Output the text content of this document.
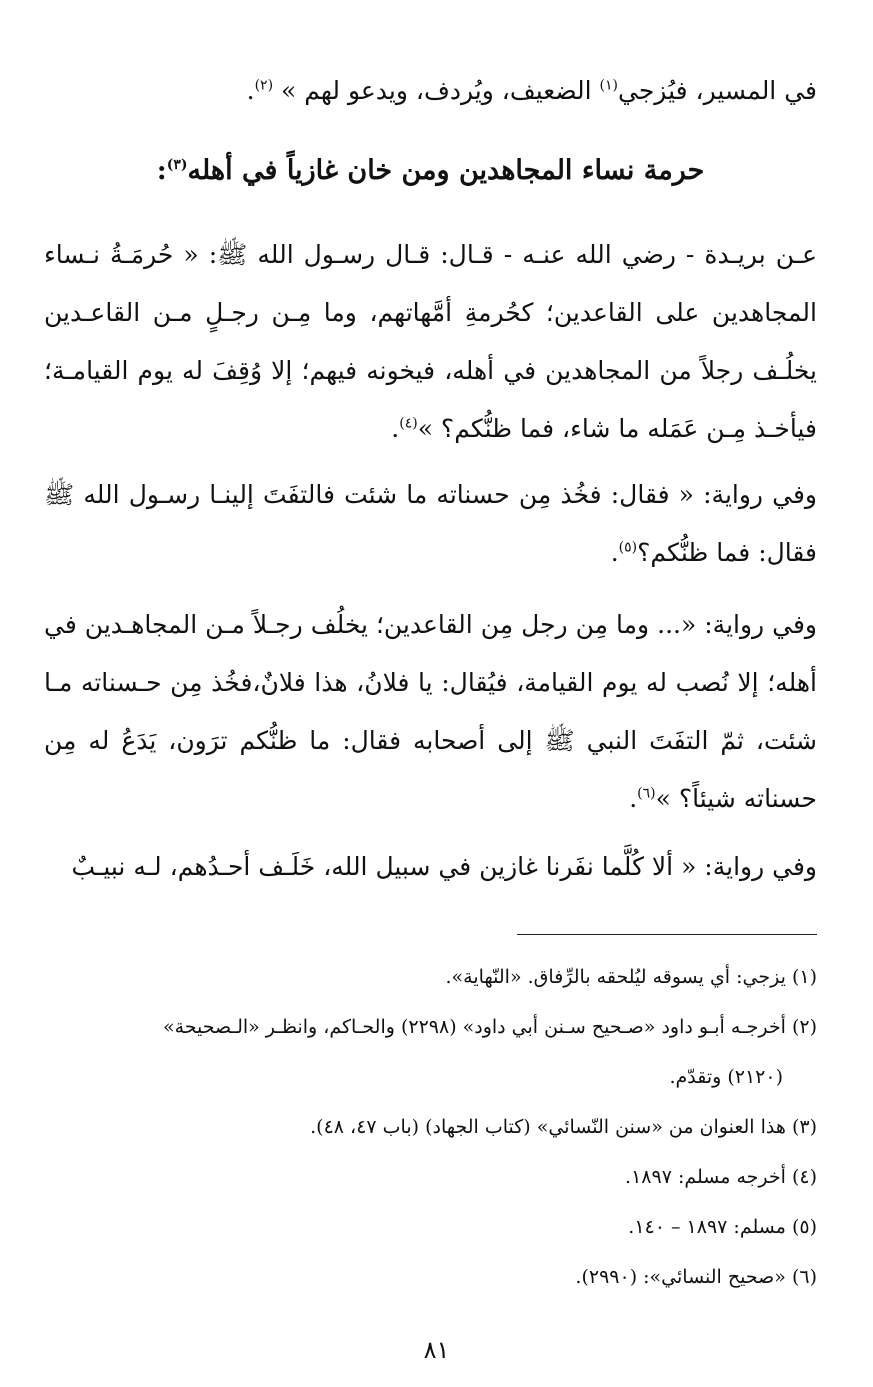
في المسير، فيُزجي$^{(١)}$ الضعيف، ويُردف، ويدعو لهم » $^{(٢)}$.

حرمة نساء المجاهدين ومن خان غازياً في أهله$^{(٣)}$:

عـن بريـدة - رضي الله عنـه - قـال: قـال رسـول الله ﷺ: « حُرمَـةُ نـساء المجاهدين على القاعدين؛ كحُرمةِ أمَّهاتهم، وما مِـن رجـلٍ مـن القاعـدين يخلُـف رجلاً من المجاهدين في أهله، فيخونه فيهم؛ إلا وُقِفَ له يوم القيامـة؛ فيأخـذ مِـن عَمَله ما شاء، فما ظنُّكم؟ »$^{(٤)}$.

وفي رواية: « فقال: فخُذ مِن حسناته ما شئت فالتفَتَ إلينـا رسـول الله ﷺ فقال: فما ظنُّكم؟$^{(٥)}$.

وفي رواية: «... وما مِن رجل مِن القاعدين؛ يخلُف رجـلاً مـن المجاهـدين في أهله؛ إلا نُصب له يوم القيامة، فيُقال: يا فلانُ، هذا فلانٌ،فخُذ مِن حـسناته مـا شئت، ثمّ التفَتَ النبي ﷺ إلى أصحابه فقال: ما ظنُّكم ترَون، يَدَعُ له مِن حسناته شيئاً؟ »$^{(٦)}$.

وفي رواية: « ألا كُلَّما نفَرنا غازين في سبيل الله، خَلَـف أحـدُهم، لـه نبيـبٌ

(١) يزجي: أي يسوقه ليُلحقه بالرِّفاق. «النّهاية».
(٢) أخرجـه أبـو داود «صـحيح سـنن أبي داود» (٢٢٩٨) والحـاكم، وانظـر «الـصحيحة»
(٢١٢٠) وتقدّم.
(٣) هذا العنوان من «سنن النّسائي» (كتاب الجهاد) (باب ٤٧، ٤٨).
(٤) أخرجه مسلم: ١٨٩٧.
(٥) مسلم: ١٨٩٧ – ١٤٠.
(٦) «صحيح النسائي»: (٢٩٩٠).
٨١
